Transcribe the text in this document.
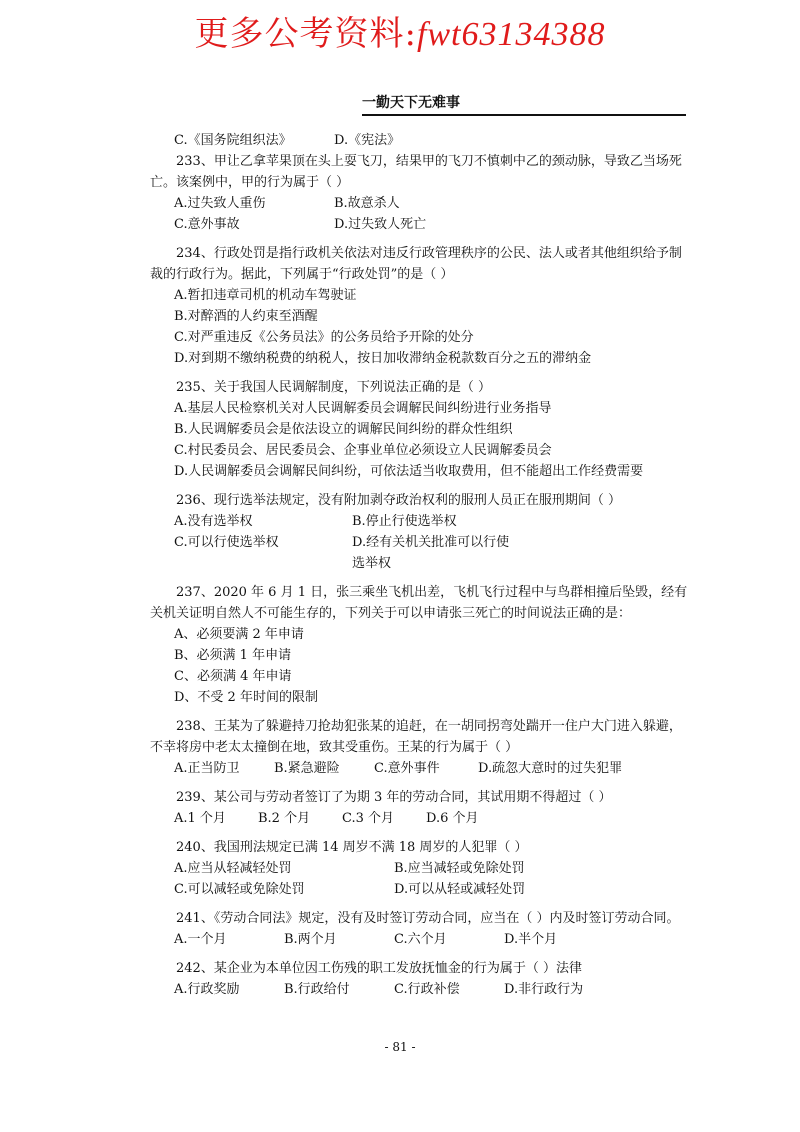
更多公考资料:fwt63134388
一勤天下无难事

C.《国务院组织法》	D.《宪法》

233、甲让乙拿苹果顶在头上耍飞刀，结果甲的飞刀不慎刺中乙的颈动脉，导致乙当场死亡。该案例中，甲的行为属于（ ）

A.过失致人重伤	B.故意杀人

C.意外事故	D.过失致人死亡

234、行政处罚是指行政机关依法对违反行政管理秩序的公民、法人或者其他组织给予制裁的行政行为。据此，下列属于“行政处罚”的是（ ）

A.暂扣违章司机的机动车驾驶证

B.对醉酒的人约束至酒醒

C.对严重违反《公务员法》的公务员给予开除的处分

D.对到期不缴纳税费的纳税人，按日加收滞纳金税款数百分之五的滞纳金

235、关于我国人民调解制度，下列说法正确的是（ ）

A.基层人民检察机关对人民调解委员会调解民间纠纷进行业务指导

B.人民调解委员会是依法设立的调解民间纠纷的群众性组织

C.村民委员会、居民委员会、企事业单位必须设立人民调解委员会

D.人民调解委员会调解民间纠纷，可依法适当收取费用，但不能超出工作经费需要

236、现行选举法规定，没有附加剥夺政治权利的服刑人员正在服刑期间（ ）

A.没有选举权	B.停止行使选举权

C.可以行使选举权	D.经有关机关批准可以行使选举权

237、2020 年 6 月 1 日，张三乘坐飞机出差，飞机飞行过程中与鸟群相撞后坠毁，经有关机关证明自然人不可能生存的，下列关于可以申请张三死亡的时间说法正确的是：

A、必须要满 2 年申请

B、必须满 1 年申请

C、必须满 4 年申请

D、不受 2 年时间的限制

238、王某为了躲避持刀抢劫犯张某的追赶，在一胡同拐弯处踹开一住户大门进入躲避，不幸将房中老太太撞倒在地，致其受重伤。王某的行为属于（ ）

A.正当防卫	B.紧急避险	C.意外事件	D.疏忽大意时的过失犯罪

239、某公司与劳动者签订了为期 3 年的劳动合同，其试用期不得超过（ ）

A.1 个月	B.2 个月	C.3 个月	D.6 个月

240、我国刑法规定已满 14 周岁不满 18 周岁的人犯罪（ ）

A.应当从轻减轻处罚	B.应当减轻或免除处罚

C.可以减轻或免除处罚	D.可以从轻或减轻处罚

241、《劳动合同法》规定，没有及时签订劳动合同，应当在（ ）内及时签订劳动合同。

A.一个月	B.两个月	C.六个月	D.半个月

242、某企业为本单位因工伤残的职工发放抚恤金的行为属于（ ）法律

A.行政奖励	B.行政给付	C.行政补偿	D.非行政行为

- 81 -
